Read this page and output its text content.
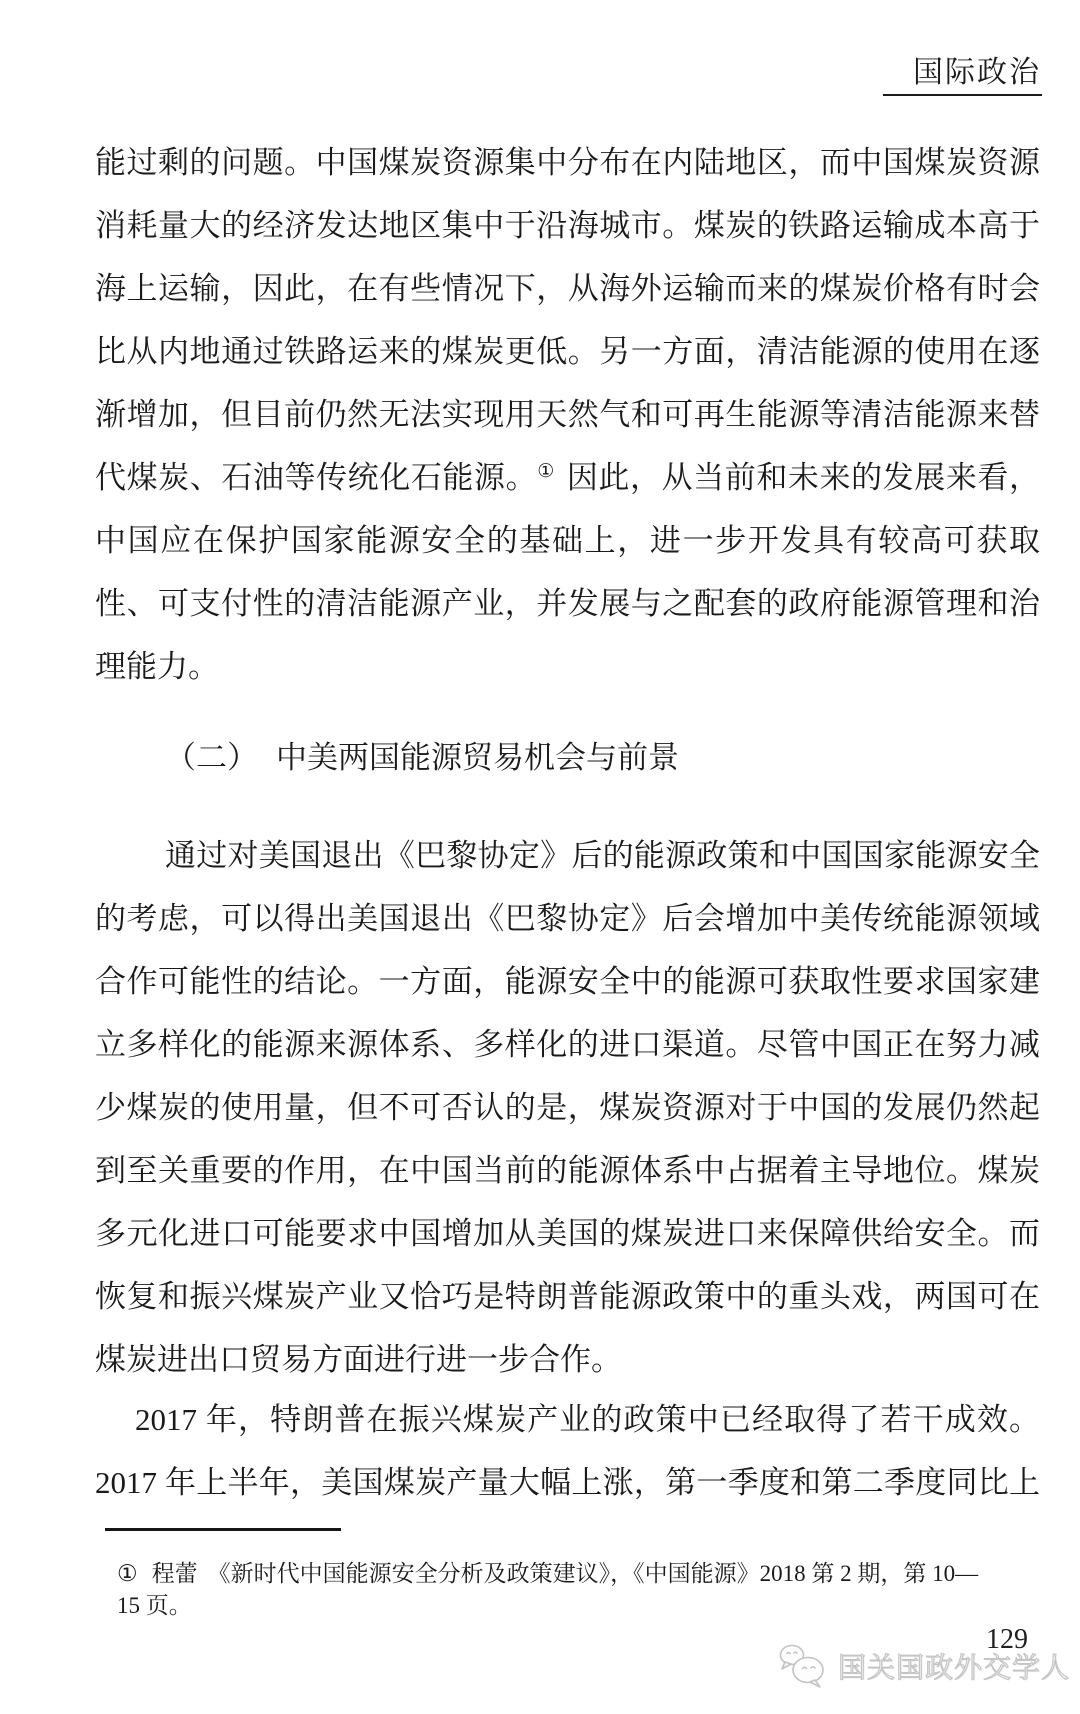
国际政治
能过剩的问题。中国煤炭资源集中分布在内陆地区，而中国煤炭资源
消耗量大的经济发达地区集中于沿海城市。煤炭的铁路运输成本高于
海上运输，因此，在有些情况下，从海外运输而来的煤炭价格有时会
比从内地通过铁路运来的煤炭更低。另一方面，清洁能源的使用在逐
渐增加，但目前仍然无法实现用天然气和可再生能源等清洁能源来替
代煤炭、石油等传统化石能源。① 因此，从当前和未来的发展来看，
中国应在保护国家能源安全的基础上，进一步开发具有较高可获取
性、可支付性的清洁能源产业，并发展与之配套的政府能源管理和治
理能力。
（二） 中美两国能源贸易机会与前景
通过对美国退出《巴黎协定》后的能源政策和中国国家能源安全
的考虑，可以得出美国退出《巴黎协定》后会增加中美传统能源领域
合作可能性的结论。一方面，能源安全中的能源可获取性要求国家建
立多样化的能源来源体系、多样化的进口渠道。尽管中国正在努力减
少煤炭的使用量，但不可否认的是，煤炭资源对于中国的发展仍然起
到至关重要的作用，在中国当前的能源体系中占据着主导地位。煤炭
多元化进口可能要求中国增加从美国的煤炭进口来保障供给安全。而
恢复和振兴煤炭产业又恰巧是特朗普能源政策中的重头戏，两国可在
煤炭进出口贸易方面进行进一步合作。
2017 年，特朗普在振兴煤炭产业的政策中已经取得了若干成效。
2017 年上半年，美国煤炭产量大幅上涨，第一季度和第二季度同比上
① 程蕾 《新时代中国能源安全分析及政策建议》，《中国能源》2018 第 2 期，第 10—15 页。
129
国关国政外交学人
